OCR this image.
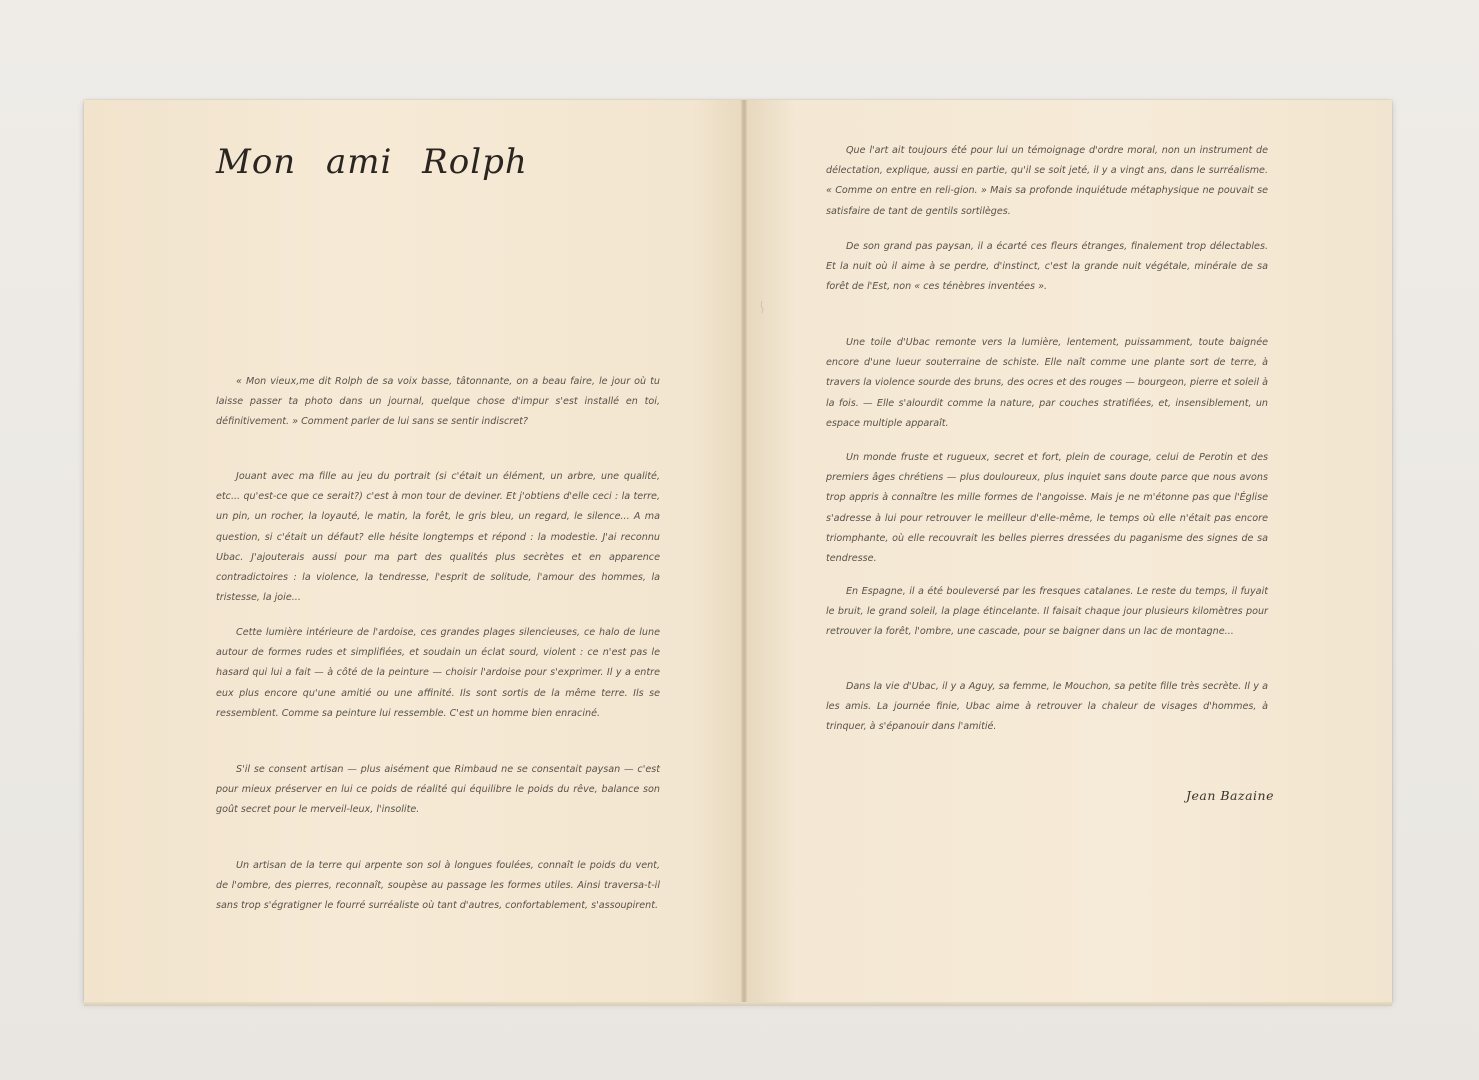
Mon ami Rolph

« Mon vieux,me dit Rolph de sa voix basse, tâtonnante, on a beau faire, le jour où tu laisse passer ta photo dans un journal, quelque chose d'impur s'est installé en toi, définitivement. » Comment parler de lui sans se sentir indiscret?

Jouant avec ma fille au jeu du portrait (si c'était un élément, un arbre, une qualité, etc... qu'est-ce que ce serait?) c'est à mon tour de deviner. Et j'obtiens d'elle ceci : la terre, un pin, un rocher, la loyauté, le matin, la forêt, le gris bleu, un regard, le silence... A ma question, si c'était un défaut? elle hésite longtemps et répond : la modestie. J'ai reconnu Ubac. J'ajouterais aussi pour ma part des qualités plus secrètes et en apparence contradictoires : la violence, la tendresse, l'esprit de solitude, l'amour des hommes, la tristesse, la joie...

Cette lumière intérieure de l'ardoise, ces grandes plages silencieuses, ce halo de lune autour de formes rudes et simplifiées, et soudain un éclat sourd, violent : ce n'est pas le hasard qui lui a fait — à côté de la peinture — choisir l'ardoise pour s'exprimer. Il y a entre eux plus encore qu'une amitié ou une affinité. Ils sont sortis de la même terre. Ils se ressemblent. Comme sa peinture lui ressemble. C'est un homme bien enraciné.

S'il se consent artisan — plus aisément que Rimbaud ne se consentait paysan — c'est pour mieux préserver en lui ce poids de réalité qui équilibre le poids du rêve, balance son goût secret pour le merveil-leux, l'insolite.

Un artisan de la terre qui arpente son sol à longues foulées, connaît le poids du vent, de l'ombre, des pierres, reconnaît, soupèse au passage les formes utiles. Ainsi traversa-t-il sans trop s'égratigner le fourré surréaliste où tant d'autres, confortablement, s'assoupirent.

Que l'art ait toujours été pour lui un témoignage d'ordre moral, non un instrument de délectation, explique, aussi en partie, qu'il se soit jeté, il y a vingt ans, dans le surréalisme. « Comme on entre en reli-gion. » Mais sa profonde inquiétude métaphysique ne pouvait se satisfaire de tant de gentils sortilèges.

De son grand pas paysan, il a écarté ces fleurs étranges, finalement trop délectables. Et la nuit où il aime à se perdre, d'instinct, c'est la grande nuit végétale, minérale de sa forêt de l'Est, non « ces ténèbres inventées ».

Une toile d'Ubac remonte vers la lumière, lentement, puissamment, toute baignée encore d'une lueur souterraine de schiste. Elle naît comme une plante sort de terre, à travers la violence sourde des bruns, des ocres et des rouges — bourgeon, pierre et soleil à la fois. — Elle s'alourdit comme la nature, par couches stratifiées, et, insensiblement, un espace multiple apparaît.

Un monde fruste et rugueux, secret et fort, plein de courage, celui de Perotin et des premiers âges chrétiens — plus douloureux, plus inquiet sans doute parce que nous avons trop appris à connaître les mille formes de l'angoisse. Mais je ne m'étonne pas que l'Église s'adresse à lui pour retrouver le meilleur d'elle-même, le temps où elle n'était pas encore triomphante, où elle recouvrait les belles pierres dressées du paganisme des signes de sa tendresse.

En Espagne, il a été bouleversé par les fresques catalanes. Le reste du temps, il fuyait le bruit, le grand soleil, la plage étincelante. Il faisait chaque jour plusieurs kilomètres pour retrouver la forêt, l'ombre, une cascade, pour se baigner dans un lac de montagne...

Dans la vie d'Ubac, il y a Aguy, sa femme, le Mouchon, sa petite fille très secrète. Il y a les amis. La journée finie, Ubac aime à retrouver la chaleur de visages d'hommes, à trinquer, à s'épanouir dans l'amitié.

Jean Bazaine
